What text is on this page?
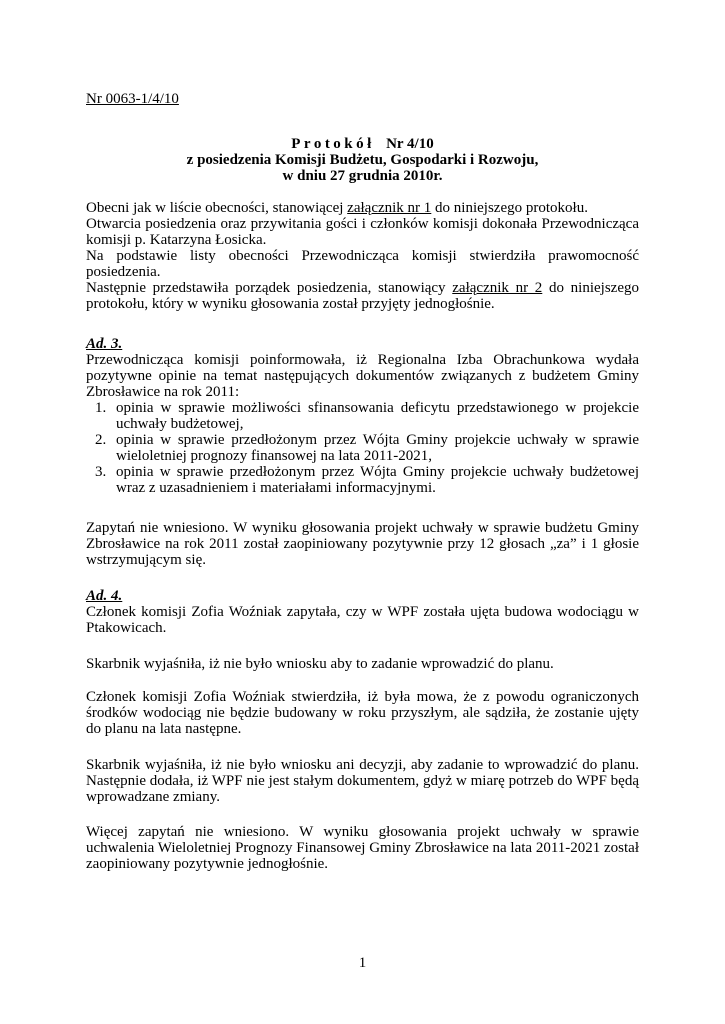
Nr 0063-1/4/10
Protokół Nr 4/10
z posiedzenia Komisji Budżetu, Gospodarki i Rozwoju,
w dniu 27 grudnia 2010r.

Obecni jak w liście obecności, stanowiącej załącznik nr 1 do niniejszego protokołu.

Otwarcia posiedzenia oraz przywitania gości i członków komisji dokonała Przewodnicząca komisji p. Katarzyna Łosicka.

Na podstawie listy obecności Przewodnicząca komisji stwierdziła prawomocność posiedzenia.

Następnie przedstawiła porządek posiedzenia, stanowiący załącznik nr 2 do niniejszego protokołu, który w wyniku głosowania został przyjęty jednogłośnie.

Ad. 3.

Przewodnicząca komisji poinformowała, iż Regionalna Izba Obrachunkowa wydała pozytywne opinie na temat następujących dokumentów związanych z budżetem Gminy Zbrosławice na rok 2011:

1. opinia w sprawie możliwości sfinansowania deficytu przedstawionego w projekcie uchwały budżetowej,
2. opinia w sprawie przedłożonym przez Wójta Gminy projekcie uchwały w sprawie wieloletniej prognozy finansowej na lata 2011-2021,
3. opinia w sprawie przedłożonym przez Wójta Gminy projekcie uchwały budżetowej wraz z uzasadnieniem i materiałami informacyjnymi.

Zapytań nie wniesiono. W wyniku głosowania projekt uchwały w sprawie budżetu Gminy Zbrosławice na rok 2011 został zaopiniowany pozytywnie przy 12 głosach „za” i 1 głosie wstrzymującym się.

Ad. 4.

Członek komisji Zofia Woźniak zapytała, czy w WPF została ujęta budowa wodociągu w Ptakowicach.

Skarbnik wyjaśniła, iż nie było wniosku aby to zadanie wprowadzić do planu.

Członek komisji Zofia Woźniak stwierdziła, iż była mowa, że z powodu ograniczonych środków wodociąg nie będzie budowany w roku przyszłym, ale sądziła, że zostanie ujęty do planu na lata następne.

Skarbnik wyjaśniła, iż nie było wniosku ani decyzji, aby zadanie to wprowadzić do planu. Następnie dodała, iż WPF nie jest stałym dokumentem, gdyż w miarę potrzeb do WPF będą wprowadzane zmiany.

Więcej zapytań nie wniesiono. W wyniku głosowania projekt uchwały w sprawie uchwalenia Wieloletniej Prognozy Finansowej Gminy Zbrosławice na lata 2011-2021 został zaopiniowany pozytywnie jednogłośnie.

1
